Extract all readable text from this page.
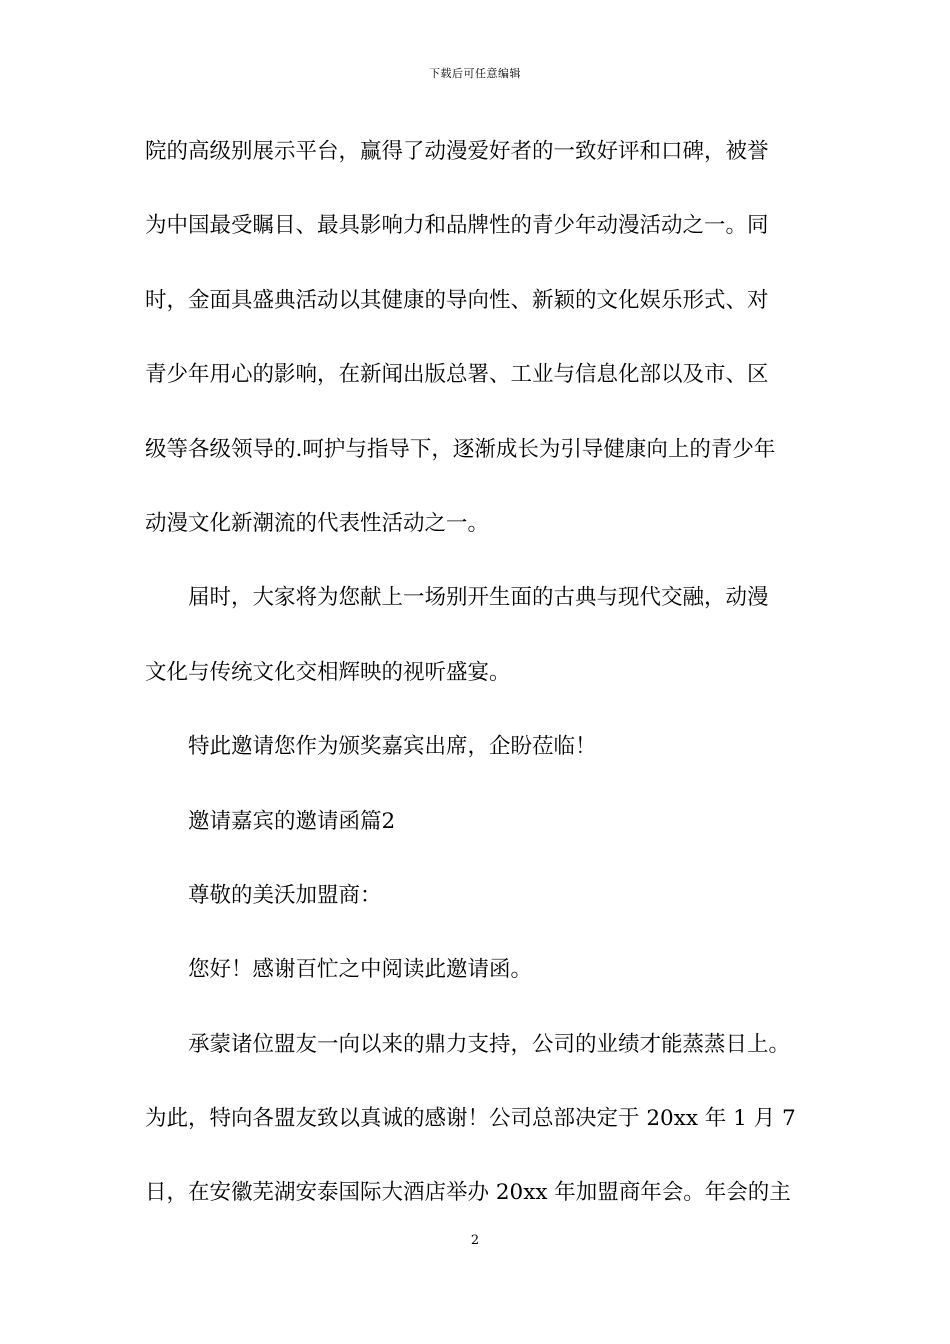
下载后可任意编辑
院的高级别展示平台，赢得了动漫爱好者的一致好评和口碑，被誉
为中国最受瞩目、最具影响力和品牌性的青少年动漫活动之一。同
时，金面具盛典活动以其健康的导向性、新颖的文化娱乐形式、对
青少年用心的影响，在新闻出版总署、工业与信息化部以及市、区
级等各级领导的.呵护与指导下，逐渐成长为引导健康向上的青少年
动漫文化新潮流的代表性活动之一。
届时，大家将为您献上一场别开生面的古典与现代交融，动漫
文化与传统文化交相辉映的视听盛宴。
特此邀请您作为颁奖嘉宾出席，企盼莅临！
邀请嘉宾的邀请函篇2
尊敬的美沃加盟商：
您好！感谢百忙之中阅读此邀请函。
承蒙诸位盟友一向以来的鼎力支持，公司的业绩才能蒸蒸日上。
为此，特向各盟友致以真诚的感谢！公司总部决定于 20xx 年 1 月 7
日，在安徽芜湖安泰国际大酒店举办 20xx 年加盟商年会。年会的主
2
